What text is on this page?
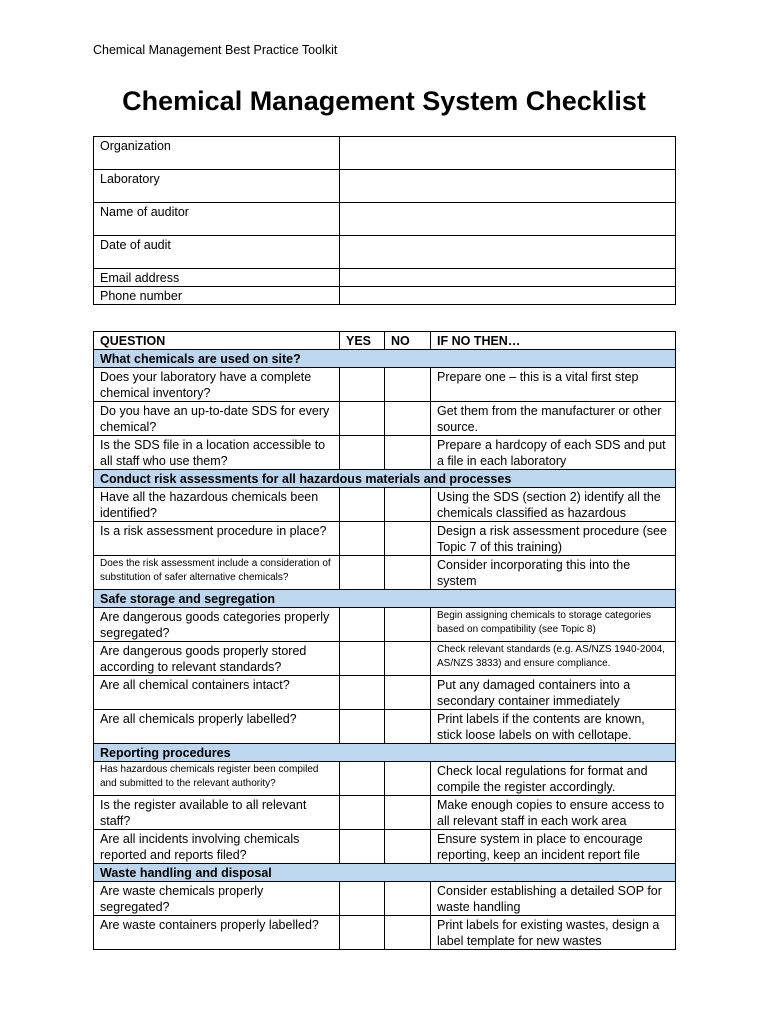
Chemical Management Best Practice Toolkit
Chemical Management System Checklist
Organization	
Laboratory	
Name of auditor	
Date of audit	
Email address	
Phone number	
QUESTION	YES	NO	IF NO THEN…
What chemicals are used on site?			
Does your laboratory have a complete chemical inventory?			Prepare one – this is a vital first step
Do you have an up-to-date SDS for every chemical?			Get them from the manufacturer or other source.
Is the SDS file in a location accessible to all staff who use them?			Prepare a hardcopy of each SDS and put a file in each laboratory
Conduct risk assessments for all hazardous materials and processes			
Have all the hazardous chemicals been identified?			Using the SDS (section 2) identify all the chemicals classified as hazardous
Is a risk assessment procedure in place?			Design a risk assessment procedure (see Topic 7 of this training)
Does the risk assessment include a consideration of substitution of safer alternative chemicals?			Consider incorporating this into the system
Safe storage and segregation			
Are dangerous goods categories properly segregated?			Begin assigning chemicals to storage categories based on compatibility (see Topic 8)
Are dangerous goods properly stored according to relevant standards?			Check relevant standards (e.g. AS/NZS 1940-2004, AS/NZS 3833) and ensure compliance.
Are all chemical containers intact?			Put any damaged containers into a secondary container immediately
Are all chemicals properly labelled?			Print labels if the contents are known, stick loose labels on with cellotape.
Reporting procedures			
Has hazardous chemicals register been compiled and submitted to the relevant authority?			Check local regulations for format and compile the register accordingly.
Is the register available to all relevant staff?			Make enough copies to ensure access to all relevant staff in each work area
Are all incidents involving chemicals reported and reports filed?			Ensure system in place to encourage reporting, keep an incident report file
Waste handling and disposal			
Are waste chemicals properly segregated?			Consider establishing a detailed SOP for waste handling
Are waste containers properly labelled?			Print labels for existing wastes, design a label template for new wastes
